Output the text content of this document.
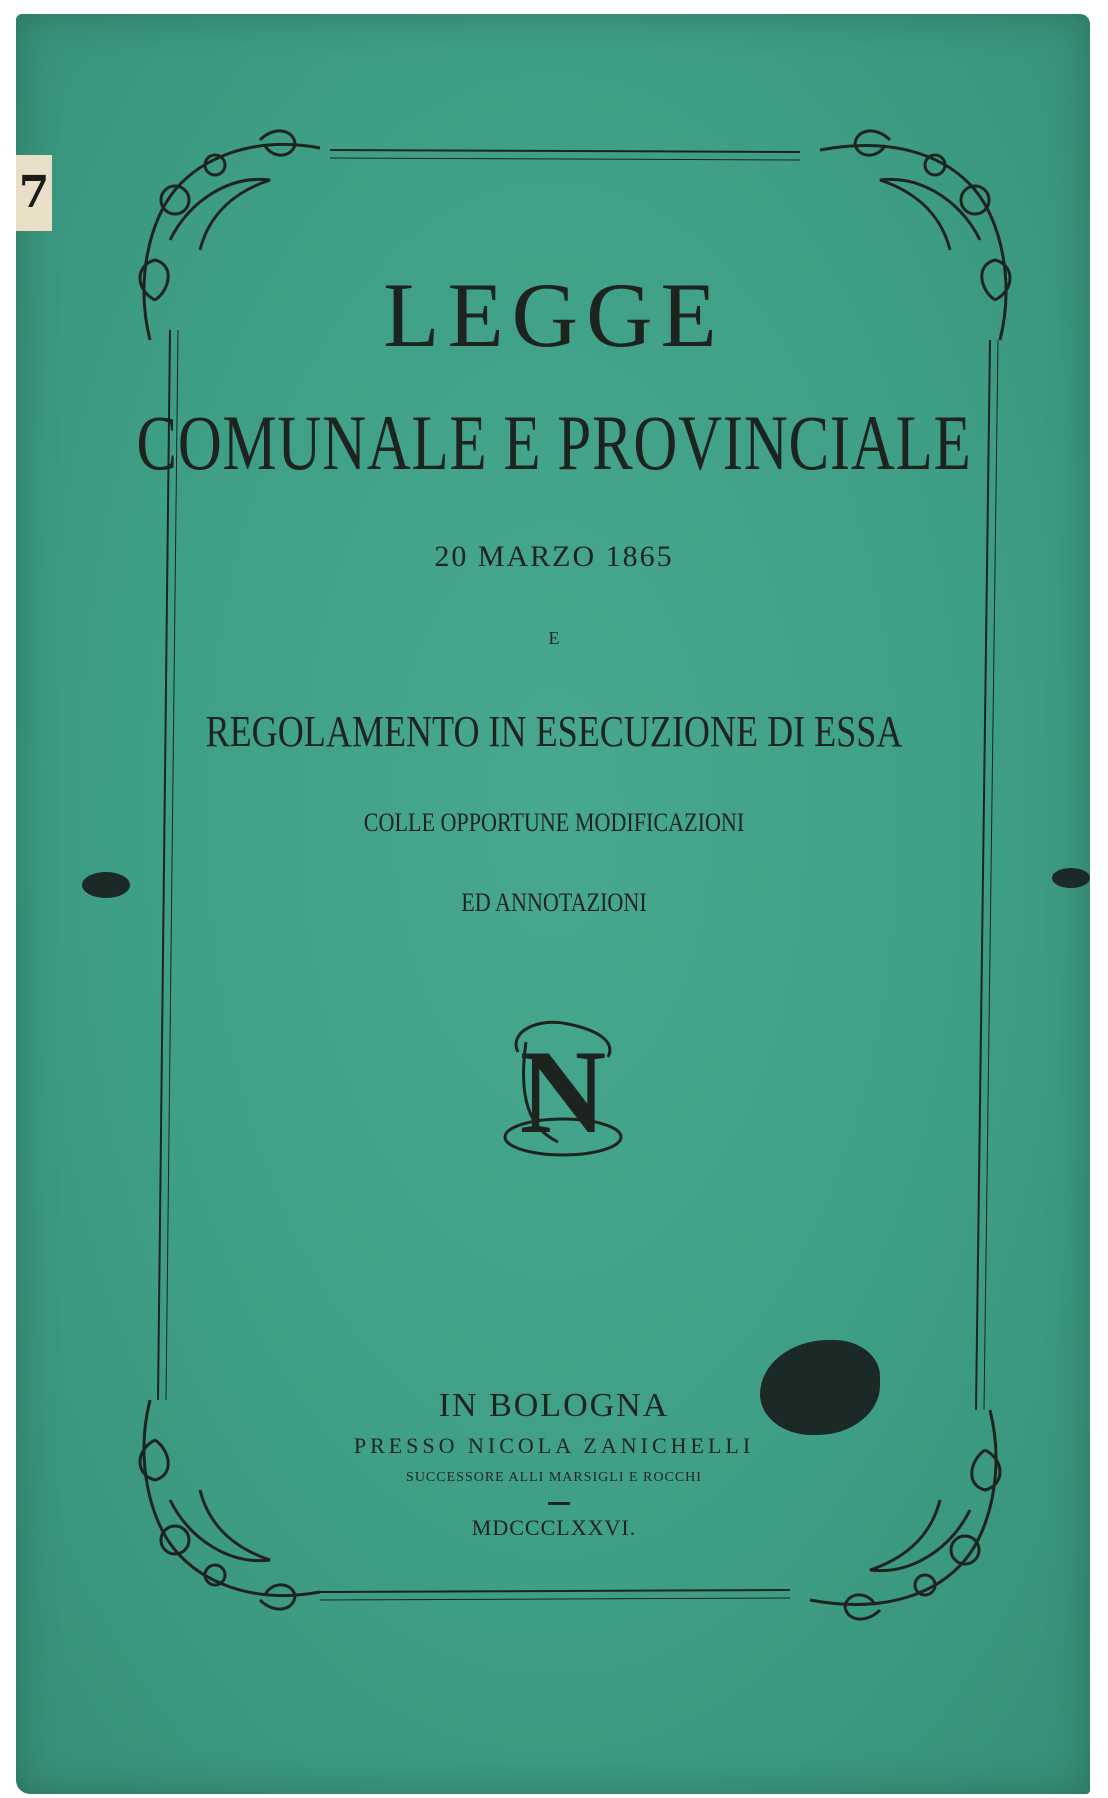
7
LEGGE
COMUNALE E PROVINCIALE
20 MARZO 1865
E
REGOLAMENTO IN ESECUZIONE DI ESSA
COLLE OPPORTUNE MODIFICAZIONI
ED ANNOTAZIONI
N
IN BOLOGNA
PRESSO NICOLA ZANICHELLI
SUCCESSORE ALLI MARSIGLI E ROCCHI
MDCCCLXXVI.
